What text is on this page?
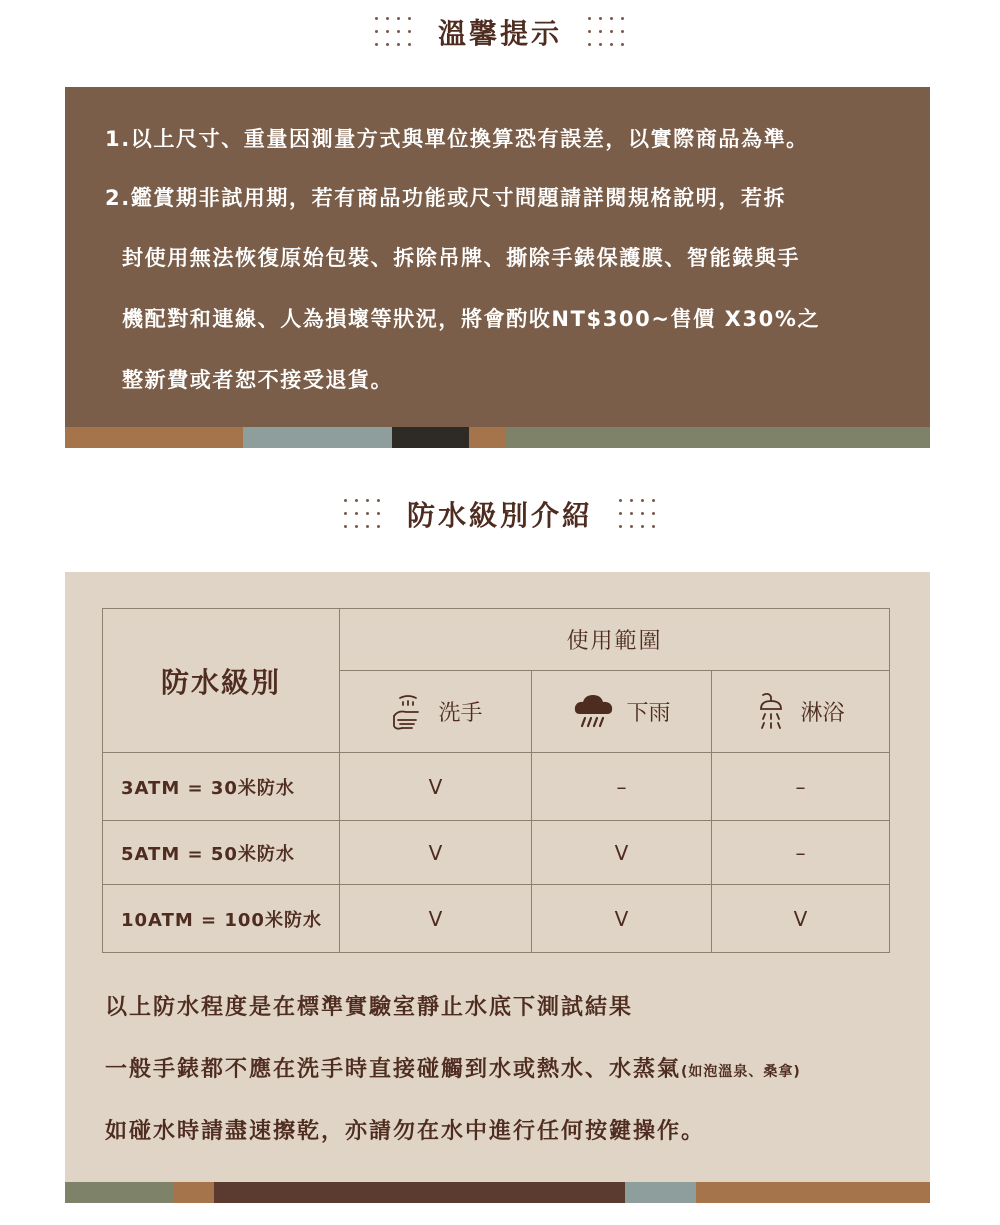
溫馨提示
1.以上尺寸、重量因測量方式與單位換算恐有誤差，以實際商品為準。
2.鑑賞期非試用期，若有商品功能或尺寸問題請詳閱規格說明，若拆
封使用無法恢復原始包裝、拆除吊牌、撕除手錶保護膜、智能錶與手
機配對和連線、人為損壞等狀況，將會酌收NT$300~售價 X30%之
整新費或者恕不接受退貨。
防水級別介紹
防水級別	使用範圍		

	洗手	下雨	淋浴

3ATM = 30米防水	V	–	–
5ATM = 50米防水	V	V	–
10ATM = 100米防水	V	V	V
以上防水程度是在標準實驗室靜止水底下測試結果
一般手錶都不應在洗手時直接碰觸到水或熱水、水蒸氣(如泡溫泉、桑拿)
如碰水時請盡速擦乾，亦請勿在水中進行任何按鍵操作。
